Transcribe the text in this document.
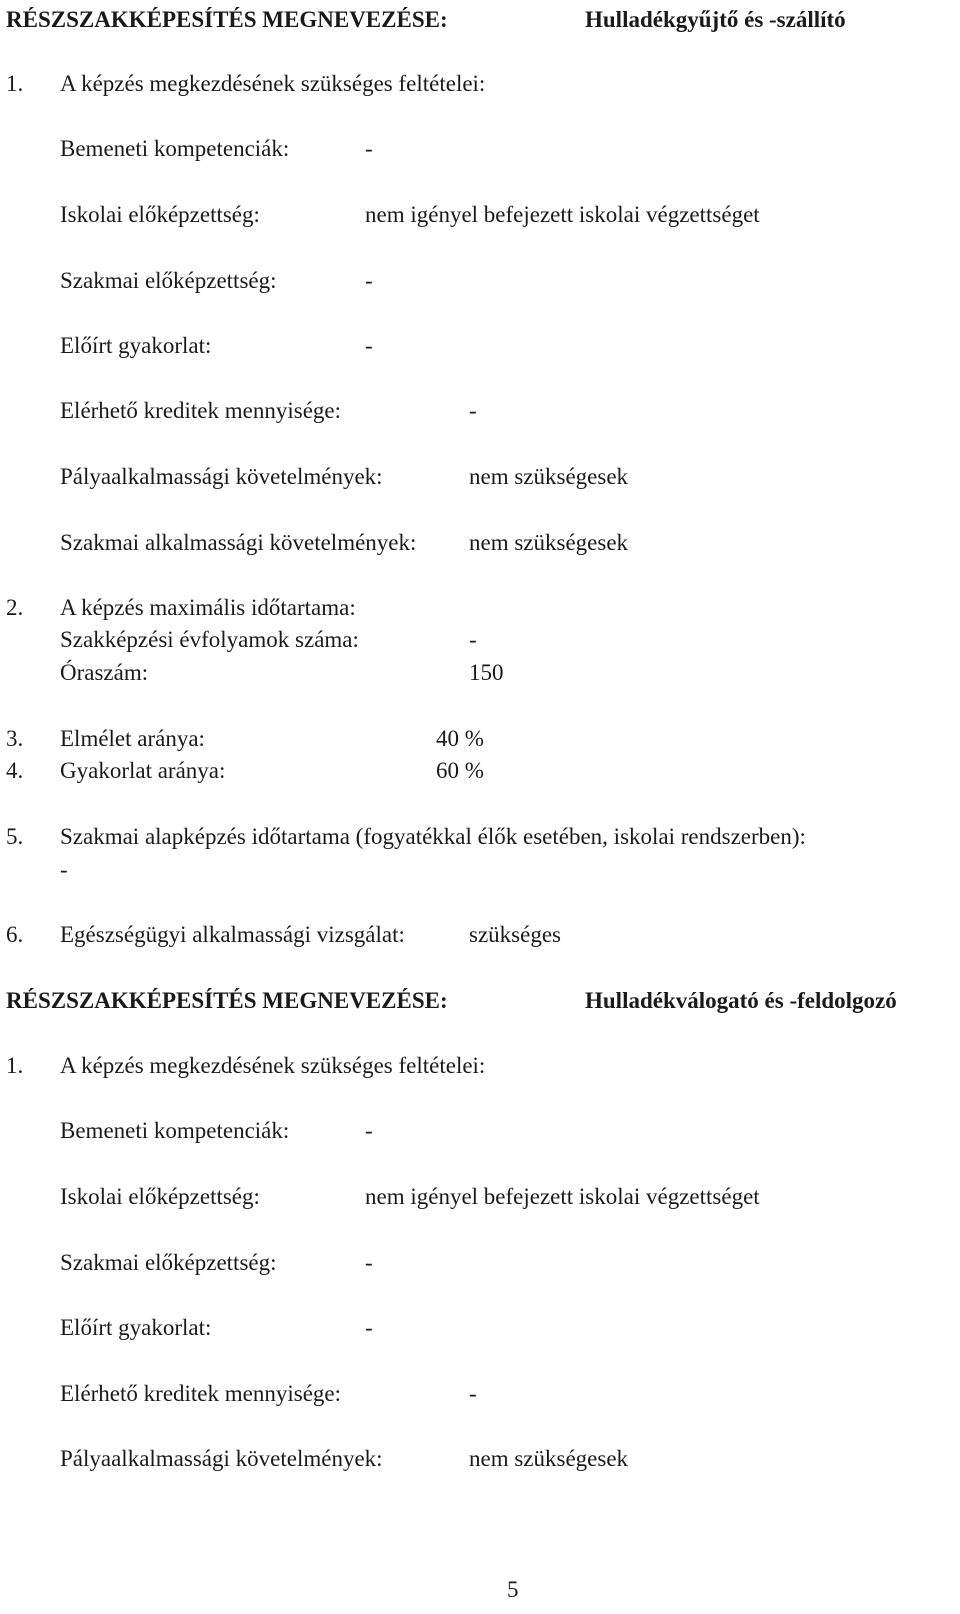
RÉSZSZAKKÉPESÍTÉS MEGNEVEZÉSE:	Hulladékgyűjtő és -szállító
1. A képzés megkezdésének szükséges feltételei:
Bemeneti kompetenciák:	-
Iskolai előképzettség:	nem igényel befejezett iskolai végzettséget
Szakmai előképzettség:	-
Előírt gyakorlat:	-
Elérhető kreditek mennyisége:	-
Pályaalkalmassági követelmények:	nem szükségesek
Szakmai alkalmassági követelmények: nem szükségesek
2. A képzés maximális időtartama:
Szakképzési évfolyamok száma:	-
Óraszám:	150
3. Elmélet aránya:	40 %
4. Gyakorlat aránya:	60 %
5. Szakmai alapképzés időtartama (fogyatékkal élők esetében, iskolai rendszerben):
-
6. Egészségügyi alkalmassági vizsgálat:	szükséges
RÉSZSZAKKÉPESÍTÉS MEGNEVEZÉSE:	Hulladékválogató és -feldolgozó
1. A képzés megkezdésének szükséges feltételei:
Bemeneti kompetenciák:	-
Iskolai előképzettség:	nem igényel befejezett iskolai végzettséget
Szakmai előképzettség:	-
Előírt gyakorlat:	-
Elérhető kreditek mennyisége:	-
Pályaalkalmassági követelmények:	nem szükségesek
5
